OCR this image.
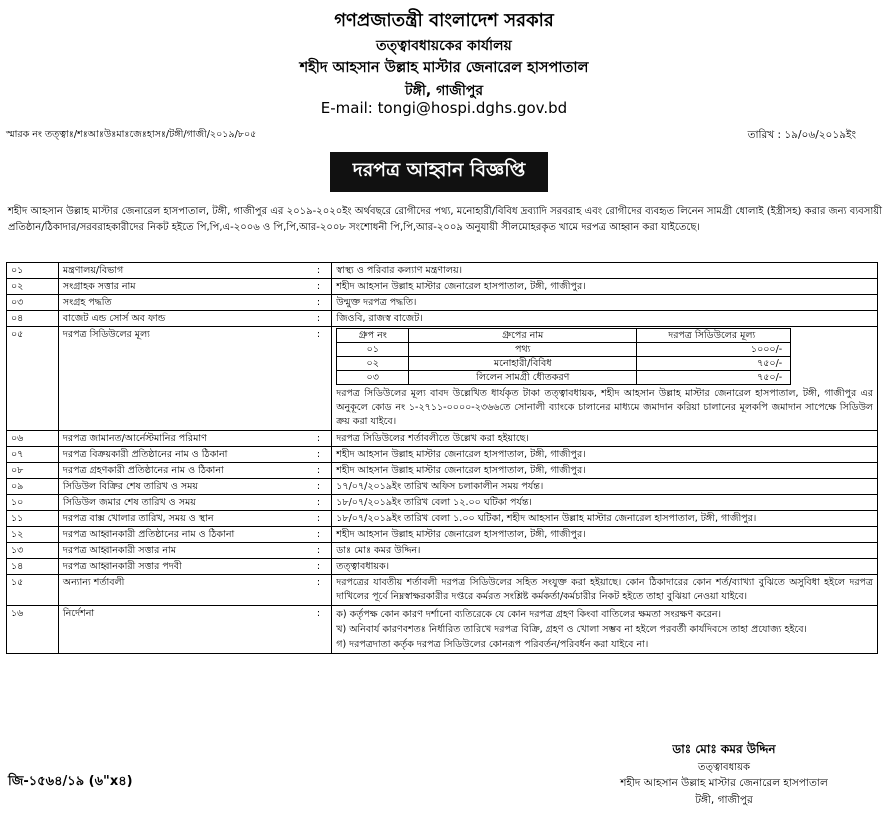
গণপ্রজাতন্ত্রী বাংলাদেশ সরকার
তত্ত্বাবধায়কের কার্যালয়
শহীদ আহসান উল্লাহ মাস্টার জেনারেল হাসপাতাল
টঙ্গী, গাজীপুর
E-mail: tongi@hospi.dghs.gov.bd
স্মারক নং তত্ত্বাঃ/শঃআঃউঃমাঃজেঃহাসঃ/টঙ্গী/গাজী/২০১৯/৮০৫	তারিখ : ১৯/০৬/২০১৯ইং
দরপত্র আহ্বান বিজ্ঞপ্তি
শহীদ আহসান উল্লাহ মাস্টার জেনারেল হাসপাতাল, টঙ্গী, গাজীপুর এর ২০১৯-২০২০ইং অর্থবছরে রোগীদের পথ্য, মনোহারী/বিবিধ দ্রব্যাদি সরবরাহ এবং রোগীদের ব্যবহৃত লিনেন সামগ্রী ধোলাই (ইস্ত্রীসহ) করার জন্য ব্যবসায়ী প্রতিষ্ঠান/ঠিকাদার/সরবরাহকারীদের নিকট হইতে পি,পি,এ-২০০৬ ও পি,পি,আর-২০০৮ সংশোধনী পি,পি,আর-২০০৯ অনুযায়ী সীলমোহরকৃত খামে দরপত্র আহ্বান করা যাইতেছে।
০১	মন্ত্রণালয়/বিভাগ	:	স্বাস্থ্য ও পরিবার কল্যাণ মন্ত্রণালয়।

০২	সংগ্রাহক সত্তার নাম	:	শহীদ আহসান উল্লাহ মাস্টার জেনারেল হাসপাতাল, টঙ্গী, গাজীপুর।

০৩	সংগ্রহ পদ্ধতি	:	উন্মুক্ত দরপত্র পদ্ধতি।

০৪	বাজেট এন্ড সোর্স অব ফান্ড	:	জিওবি, রাজস্ব বাজেট।

০৫	দরপত্র সিডিউলের মূল্য	:		গ্রুপ নং	গ্রুপের নাম	দরপত্র সিডিউলের মূল্য
০১	পথ্য	১০০০/-
০২	মনোহারী/বিবিধ	৭৫০/-
০৩	লিলেন সামগ্রী ধৌতকরণ	৭৫০/-
দরপত্র সিডিউলের মূল্য বাবদ উল্লেখিত ধার্যকৃত টাকা তত্ত্বাবধায়ক, শহীদ আহসান উল্লাহ মাস্টার জেনারেল হাসপাতাল, টঙ্গী, গাজীপুর এর অনুকূলে কোড নং ১-২৭১১-০০০০-২৩৬৬তে সোনালী ব্যাংকে চালানের মাধ্যমে জমাদান করিয়া চালানের মূলকপি জমাদান সাপেক্ষে সিডিউল ক্রয় করা যাইবে।

০৬	দরপত্র জামানত/আর্নেস্টমানির পরিমাণ	:	দরপত্র সিডিউলের শর্তাবলীতে উল্লেখ করা হইয়াছে।

০৭	দরপত্র বিক্রয়কারী প্রতিষ্ঠানের নাম ও ঠিকানা	:	শহীদ আহসান উল্লাহ মাস্টার জেনারেল হাসপাতাল, টঙ্গী, গাজীপুর।

০৮	দরপত্র গ্রহণকারী প্রতিষ্ঠানের নাম ও ঠিকানা	:	শহীদ আহসান উল্লাহ মাস্টার জেনারেল হাসপাতাল, টঙ্গী, গাজীপুর।

০৯	সিডিউল বিক্রির শেষ তারিখ ও সময়	:	১৭/০৭/২০১৯ইং তারিখ অফিস চলাকালীন সময় পর্যন্ত।

১০	সিডিউল জমার শেষ তারিখ ও সময়	:	১৮/০৭/২০১৯ইং তারিখ বেলা ১২.০০ ঘটিকা পর্যন্ত।

১১	দরপত্র বাক্স খোলার তারিখ, সময় ও স্থান	:	১৮/০৭/২০১৯ইং তারিখ বেলা ১.০০ ঘটিকা, শহীদ আহসান উল্লাহ মাস্টার জেনারেল হাসপাতাল, টঙ্গী, গাজীপুর।

১২	দরপত্র আহ্বানকারী প্রতিষ্ঠানের নাম ও ঠিকানা	:	শহীদ আহসান উল্লাহ মাস্টার জেনারেল হাসপাতাল, টঙ্গী, গাজীপুর।

১৩	দরপত্র আহ্বানকারী সত্তার নাম	:	ডাঃ মোঃ কমর উদ্দিন।

১৪	দরপত্র আহ্বানকারী সত্তার পদবী	:	তত্ত্বাবধায়ক।

১৫	অন্যান্য শর্তাবলী	:	দরপত্রের যাবতীয় শর্তাবলী দরপত্র সিডিউলের সহিত সংযুক্ত করা হইয়াছে। কোন ঠিকাদারের কোন শর্ত/ব্যাখ্যা বুঝিতে অসুবিধা হইলে দরপত্র দাখিলের পূর্বে নিম্নস্বাক্ষরকারীর দপ্তরে কর্মরত সংশ্লিষ্ট কর্মকর্তা/কর্মচারীর নিকট হইতে তাহা বুঝিয়া নেওয়া যাইবে।

১৬	নির্দেশনা	:	ক) কর্তৃপক্ষ কোন কারণ দর্শানো ব্যতিরেকে যে কোন দরপত্র গ্রহণ কিংবা বাতিলের ক্ষমতা সংরক্ষণ করেন।
খ) অনিবার্য কারণবশতঃ নির্ধারিত তারিখে দরপত্র বিক্রি, গ্রহণ ও খোলা সম্ভব না হইলে পরবর্তী কার্যদিবসে তাহা প্রযোজ্য হইবে।
গ) দরপত্রদাতা কর্তৃক দরপত্র সিডিউলের কোনরূপ পরিবর্তন/পরিবর্ধন করা যাইবে না।
জি-১৫৬৪/১৯ (৬"x৪)
ডাঃ মোঃ কমর উদ্দিন
তত্ত্বাবধায়ক
শহীদ আহসান উল্লাহ মাস্টার জেনারেল হাসপাতাল
টঙ্গী, গাজীপুর
